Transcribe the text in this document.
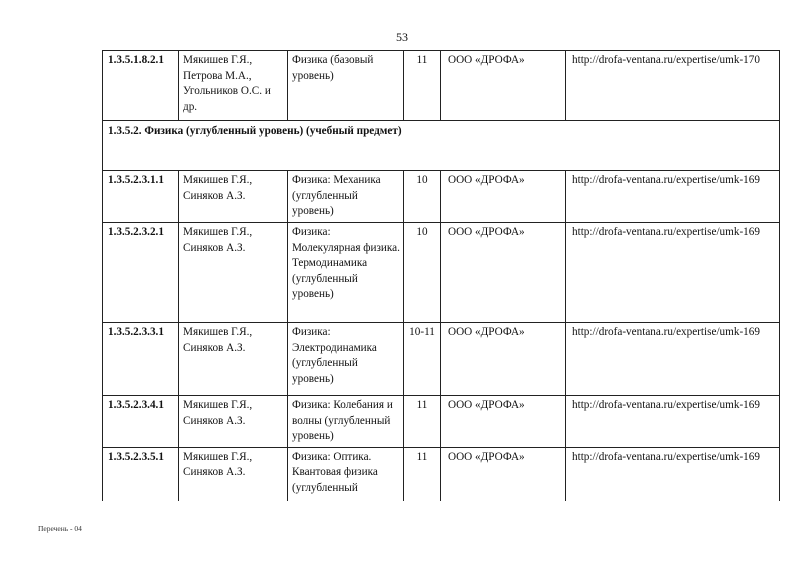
53
1.3.5.1.8.2.1	Мякишев Г.Я., Петрова М.А., Угольников О.С. и др.	Физика (базовый уровень)	11	ООО «ДРОФА»	http://drofa-ventana.ru/expertise/umk-170
1.3.5.2. Физика (углубленный уровень) (учебный предмет)					
1.3.5.2.3.1.1	Мякишев Г.Я., Синяков А.З.	Физика: Механика (углубленный уровень)	10	ООО «ДРОФА»	http://drofa-ventana.ru/expertise/umk-169
1.3.5.2.3.2.1	Мякишев Г.Я., Синяков А.З.	Физика: Молекулярная физика. Термодинамика (углубленный уровень)	10	ООО «ДРОФА»	http://drofa-ventana.ru/expertise/umk-169
1.3.5.2.3.3.1	Мякишев Г.Я., Синяков А.З.	Физика: Электродинамика (углубленный уровень)	10-11	ООО «ДРОФА»	http://drofa-ventana.ru/expertise/umk-169
1.3.5.2.3.4.1	Мякишев Г.Я., Синяков А.З.	Физика: Колебания и волны (углубленный уровень)	11	ООО «ДРОФА»	http://drofa-ventana.ru/expertise/umk-169
1.3.5.2.3.5.1	Мякишев Г.Я., Синяков А.З.	Физика: Оптика. Квантовая физика (углубленный	11	ООО «ДРОФА»	http://drofa-ventana.ru/expertise/umk-169
Перечень - 04
